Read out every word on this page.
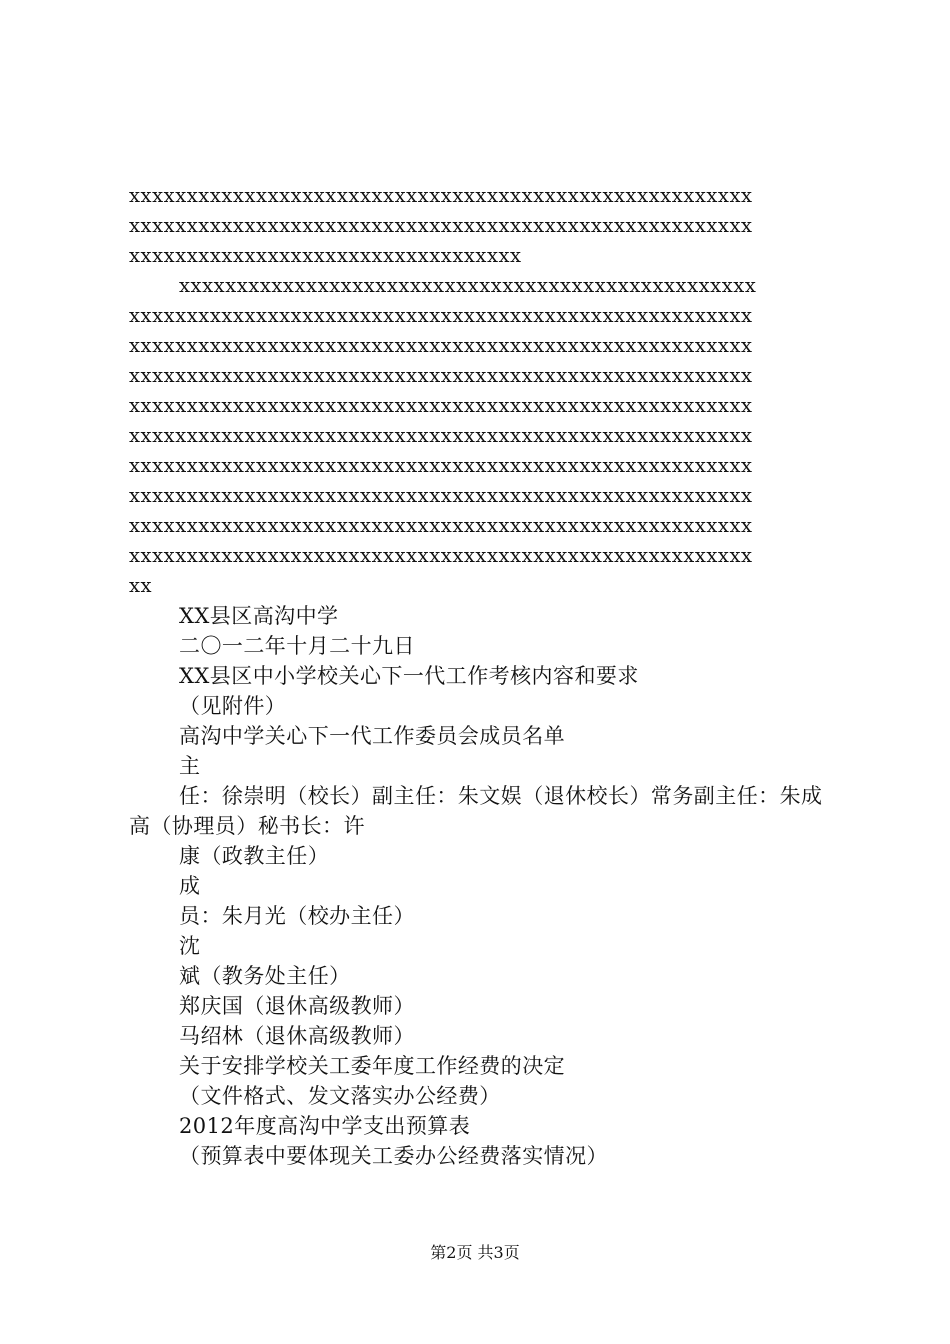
xxxxxxxxxxxxxxxxxxxxxxxxxxxxxxxxxxxxxxxxxxxxxxxxxxxxxx
xxxxxxxxxxxxxxxxxxxxxxxxxxxxxxxxxxxxxxxxxxxxxxxxxxxxxx
xxxxxxxxxxxxxxxxxxxxxxxxxxxxxxxxxx
xxxxxxxxxxxxxxxxxxxxxxxxxxxxxxxxxxxxxxxxxxxxxxxxxx
xxxxxxxxxxxxxxxxxxxxxxxxxxxxxxxxxxxxxxxxxxxxxxxxxxxxxx
xxxxxxxxxxxxxxxxxxxxxxxxxxxxxxxxxxxxxxxxxxxxxxxxxxxxxx
xxxxxxxxxxxxxxxxxxxxxxxxxxxxxxxxxxxxxxxxxxxxxxxxxxxxxx
xxxxxxxxxxxxxxxxxxxxxxxxxxxxxxxxxxxxxxxxxxxxxxxxxxxxxx
xxxxxxxxxxxxxxxxxxxxxxxxxxxxxxxxxxxxxxxxxxxxxxxxxxxxxx
xxxxxxxxxxxxxxxxxxxxxxxxxxxxxxxxxxxxxxxxxxxxxxxxxxxxxx
xxxxxxxxxxxxxxxxxxxxxxxxxxxxxxxxxxxxxxxxxxxxxxxxxxxxxx
xxxxxxxxxxxxxxxxxxxxxxxxxxxxxxxxxxxxxxxxxxxxxxxxxxxxxx
xxxxxxxxxxxxxxxxxxxxxxxxxxxxxxxxxxxxxxxxxxxxxxxxxxxxxx
xx
XX县区高沟中学
二〇一二年十月二十九日
XX县区中小学校关心下一代工作考核内容和要求
（见附件）
高沟中学关心下一代工作委员会成员名单
主
任：徐崇明（校长）副主任：朱文娱（退休校长）常务副主任：朱成高（协理员）秘书长：许
康（政教主任）
成
员：朱月光（校办主任）
沈
斌（教务处主任）
郑庆国（退休高级教师）
马绍林（退休高级教师）
关于安排学校关工委年度工作经费的决定
（文件格式、发文落实办公经费）
2012年度高沟中学支出预算表
（预算表中要体现关工委办公经费落实情况）
第2页 共3页
